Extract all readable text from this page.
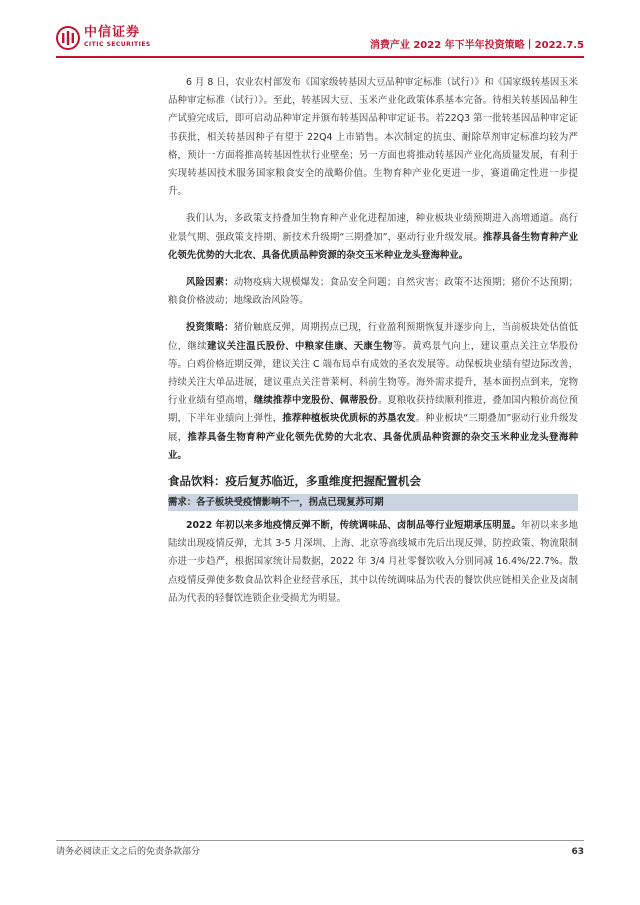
中信证券
CITIC SECURITIES	消费产业 2022 年下半年投资策略丨2022.7.5

6 月 8 日，农业农村部发布《国家级转基因大豆品种审定标准（试行）》和《国家级转基因玉米品种审定标准（试行）》。至此，转基因大豆、玉米产业化政策体系基本完备。待相关转基因品种生产试验完成后，即可启动品种审定并颁布转基因品种审定证书。若22Q3 第一批转基因品种审定证书获批，相关转基因种子有望于 22Q4 上市销售。本次制定的抗虫、耐除草剂审定标准均较为严格，预计一方面将推高转基因性状行业壁垒；另一方面也将推动转基因产业化高质量发展，有利于实现转基因技术服务国家粮食安全的战略价值。生物育种产业化更进一步，赛道确定性进一步提升。

我们认为，多政策支持叠加生物育种产业化进程加速，种业板块业绩预期进入高增通道。高行业景气期、强政策支持期、新技术升级期“三期叠加”，驱动行业升级发展。推荐具备生物育种产业化领先优势的大北农、具备优质品种资源的杂交玉米种业龙头登海种业。

风险因素：动物疫病大规模爆发；食品安全问题；自然灾害；政策不达预期；猪价不达预期；粮食价格波动；地缘政治风险等。

投资策略：猪价触底反弹，周期拐点已现，行业盈利预期恢复并逐步向上，当前板块处估值低位，继续建议关注温氏股份、中粮家佳康、天康生物等。黄鸡景气向上，建议重点关注立华股份等。白鸡价格近期反弹，建议关注 C 端布局卓有成效的圣农发展等。动保板块业绩有望边际改善，持续关注大单品进展，建议重点关注普莱柯、科前生物等。海外需求提升，基本面拐点到来，宠物行业业绩有望高增，继续推荐中宠股份、佩蒂股份。夏粮收获持续顺利推进，叠加国内粮价高位预期，下半年业绩向上弹性，推荐种植板块优质标的苏垦农发。种业板块“三期叠加”驱动行业升级发展，推荐具备生物育种产业化领先优势的大北农、具备优质品种资源的杂交玉米种业龙头登海种业。

食品饮料：疫后复苏临近，多重维度把握配置机会
需求：各子板块受疫情影响不一，拐点已现复苏可期

2022 年初以来多地疫情反弹不断，传统调味品、卤制品等行业短期承压明显。年初以来多地陆续出现疫情反弹，尤其 3-5 月深圳、上海、北京等高线城市先后出现反弹，防控政策、物流限制亦进一步趋严，根据国家统计局数据，2022 年 3/4 月社零餐饮收入分别同减 16.4%/22.7%。散点疫情反弹使多数食品饮料企业经营承压，其中以传统调味品为代表的餐饮供应链相关企业及卤制品为代表的轻餐饮连锁企业受损尤为明显。

请务必阅读正文之后的免责条款部分	63
